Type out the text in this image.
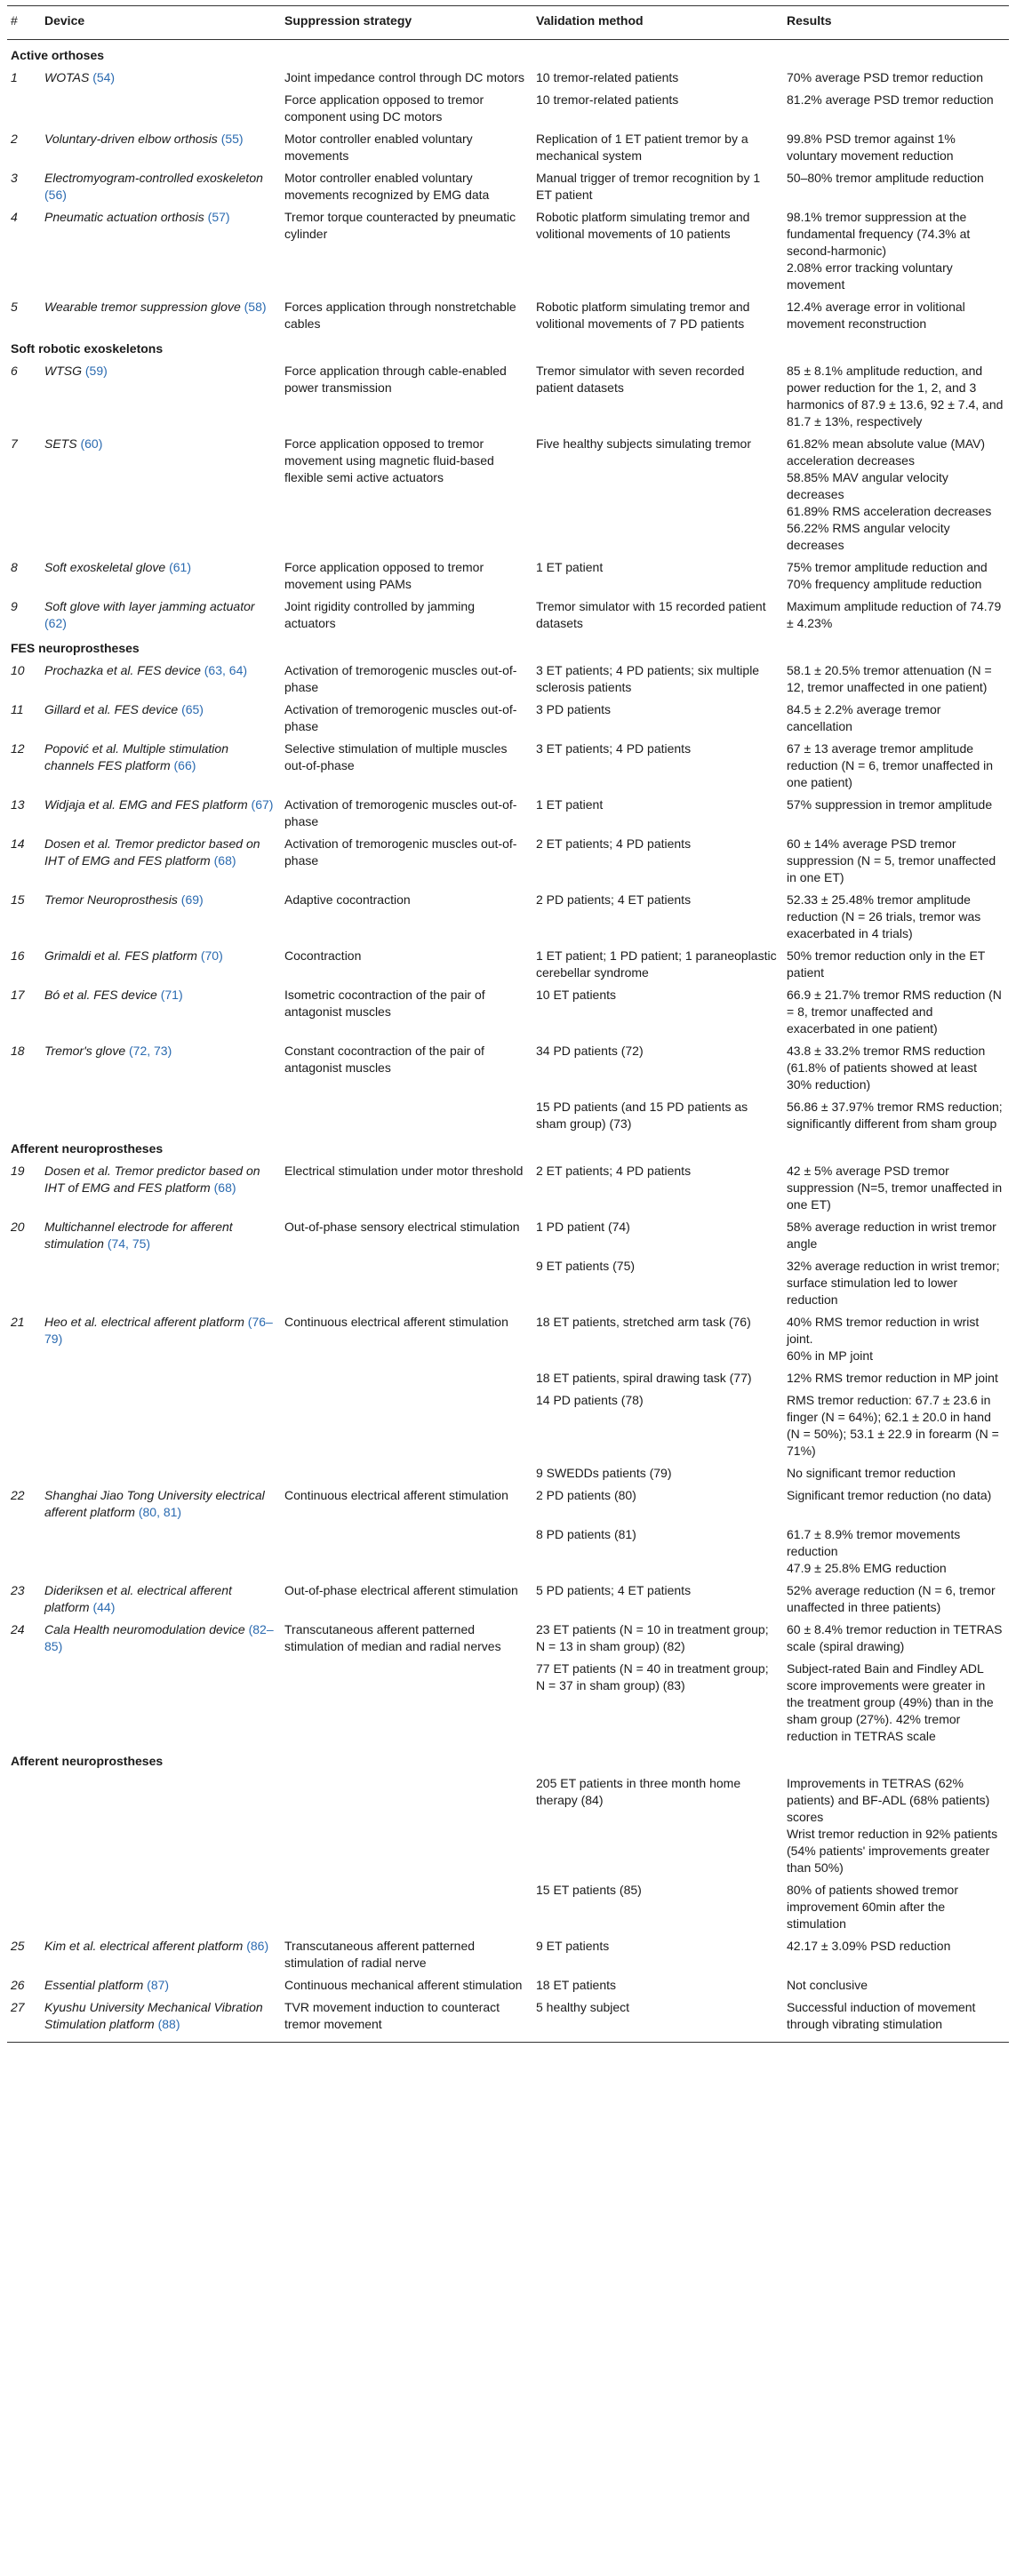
#	Device	Suppression strategy	Validation method	Results
Active orthoses				
1	WOTAS (54)	Joint impedance control through DC motors	10 tremor-related patients	70% average PSD tremor reduction
		Force application opposed to tremor component using DC motors	10 tremor-related patients	81.2% average PSD tremor reduction
2	Voluntary-driven elbow orthosis (55)	Motor controller enabled voluntary movements	Replication of 1 ET patient tremor by a mechanical system	99.8% PSD tremor against 1% voluntary movement reduction
3	Electromyogram-controlled exoskeleton (56)	Motor controller enabled voluntary movements recognized by EMG data	Manual trigger of tremor recognition by 1 ET patient	50–80% tremor amplitude reduction
4	Pneumatic actuation orthosis (57)	Tremor torque counteracted by pneumatic cylinder	Robotic platform simulating tremor and volitional movements of 10 patients	98.1% tremor suppression at the fundamental frequency (74.3% at second-harmonic)
2.08% error tracking voluntary movement

5	Wearable tremor suppression glove (58)	Forces application through nonstretchable cables	Robotic platform simulating tremor and volitional movements of 7 PD patients	12.4% average error in volitional movement reconstruction
Soft robotic exoskeletons				
6	WTSG (59)	Force application through cable-enabled power transmission	Tremor simulator with seven recorded patient datasets	85 ± 8.1% amplitude reduction, and power reduction for the 1, 2, and 3 harmonics of 87.9 ± 13.6, 92 ± 7.4, and 81.7 ± 13%, respectively
7	SETS (60)	Force application opposed to tremor movement using magnetic fluid-based flexible semi active actuators	Five healthy subjects simulating tremor	61.82% mean absolute value (MAV) acceleration decreases
58.85% MAV angular velocity decreases
61.89% RMS acceleration decreases
56.22% RMS angular velocity decreases

8	Soft exoskeletal glove (61)	Force application opposed to tremor movement using PAMs	1 ET patient	75% tremor amplitude reduction and 70% frequency amplitude reduction
9	Soft glove with layer jamming actuator (62)	Joint rigidity controlled by jamming actuators	Tremor simulator with 15 recorded patient datasets	Maximum amplitude reduction of 74.79 ± 4.23%
FES neuroprostheses				
10	Prochazka et al. FES device (63, 64)	Activation of tremorogenic muscles out-of-phase	3 ET patients; 4 PD patients; six multiple sclerosis patients	58.1 ± 20.5% tremor attenuation (N = 12, tremor unaffected in one patient)
11	Gillard et al. FES device (65)	Activation of tremorogenic muscles out-of-phase	3 PD patients	84.5 ± 2.2% average tremor cancellation
12	Popović et al. Multiple stimulation channels FES platform (66)	Selective stimulation of multiple muscles out-of-phase	3 ET patients; 4 PD patients	67 ± 13 average tremor amplitude reduction (N = 6, tremor unaffected in one patient)
13	Widjaja et al. EMG and FES platform (67)	Activation of tremorogenic muscles out-of-phase	1 ET patient	57% suppression in tremor amplitude
14	Dosen et al. Tremor predictor based on IHT of EMG and FES platform (68)	Activation of tremorogenic muscles out-of-phase	2 ET patients; 4 PD patients	60 ± 14% average PSD tremor suppression (N = 5, tremor unaffected in one ET)
15	Tremor Neuroprosthesis (69)	Adaptive cocontraction	2 PD patients; 4 ET patients	52.33 ± 25.48% tremor amplitude reduction (N = 26 trials, tremor was exacerbated in 4 trials)
16	Grimaldi et al. FES platform (70)	Cocontraction	1 ET patient; 1 PD patient; 1 paraneoplastic cerebellar syndrome	50% tremor reduction only in the ET patient
17	Bó et al. FES device (71)	Isometric cocontraction of the pair of antagonist muscles	10 ET patients	66.9 ± 21.7% tremor RMS reduction (N = 8, tremor unaffected and exacerbated in one patient)
18	Tremor's glove (72, 73)	Constant cocontraction of the pair of antagonist muscles	34 PD patients (72)	43.8 ± 33.2% tremor RMS reduction (61.8% of patients showed at least 30% reduction)
			15 PD patients (and 15 PD patients as sham group) (73)	56.86 ± 37.97% tremor RMS reduction; significantly different from sham group
Afferent neuroprostheses				
19	Dosen et al. Tremor predictor based on IHT of EMG and FES platform (68)	Electrical stimulation under motor threshold	2 ET patients; 4 PD patients	42 ± 5% average PSD tremor suppression (N=5, tremor unaffected in one ET)
20	Multichannel electrode for afferent stimulation (74, 75)	Out-of-phase sensory electrical stimulation	1 PD patient (74)	58% average reduction in wrist tremor angle
			9 ET patients (75)	32% average reduction in wrist tremor; surface stimulation led to lower reduction
21	Heo et al. electrical afferent platform (76–79)	Continuous electrical afferent stimulation	18 ET patients, stretched arm task (76)	40% RMS tremor reduction in wrist joint.
60% in MP joint

			18 ET patients, spiral drawing task (77)	12% RMS tremor reduction in MP joint
			14 PD patients (78)	RMS tremor reduction: 67.7 ± 23.6 in finger (N = 64%); 62.1 ± 20.0 in hand (N = 50%); 53.1 ± 22.9 in forearm (N = 71%)
			9 SWEDDs patients (79)	No significant tremor reduction
22	Shanghai Jiao Tong University electrical afferent platform (80, 81)	Continuous electrical afferent stimulation	2 PD patients (80)	Significant tremor reduction (no data)
			8 PD patients (81)	61.7 ± 8.9% tremor movements reduction
47.9 ± 25.8% EMG reduction

23	Dideriksen et al. electrical afferent platform (44)	Out-of-phase electrical afferent stimulation	5 PD patients; 4 ET patients	52% average reduction (N = 6, tremor unaffected in three patients)
24	Cala Health neuromodulation device (82–85)	Transcutaneous afferent patterned stimulation of median and radial nerves	23 ET patients (N = 10 in treatment group; N = 13 in sham group) (82)	60 ± 8.4% tremor reduction in TETRAS scale (spiral drawing)
			77 ET patients (N = 40 in treatment group; N = 37 in sham group) (83)	Subject-rated Bain and Findley ADL score improvements were greater in the treatment group (49%) than in the sham group (27%). 42% tremor reduction in TETRAS scale
Afferent neuroprostheses				
			205 ET patients in three month home therapy (84)	Improvements in TETRAS (62% patients) and BF-ADL (68% patients) scores
Wrist tremor reduction in 92% patients (54% patients' improvements greater than 50%)

			15 ET patients (85)	80% of patients showed tremor improvement 60min after the stimulation
25	Kim et al. electrical afferent platform (86)	Transcutaneous afferent patterned stimulation of radial nerve	9 ET patients	42.17 ± 3.09% PSD reduction
26	Essential platform (87)	Continuous mechanical afferent stimulation	18 ET patients	Not conclusive
27	Kyushu University Mechanical Vibration Stimulation platform (88)	TVR movement induction to counteract tremor movement	5 healthy subject	Successful induction of movement through vibrating stimulation
